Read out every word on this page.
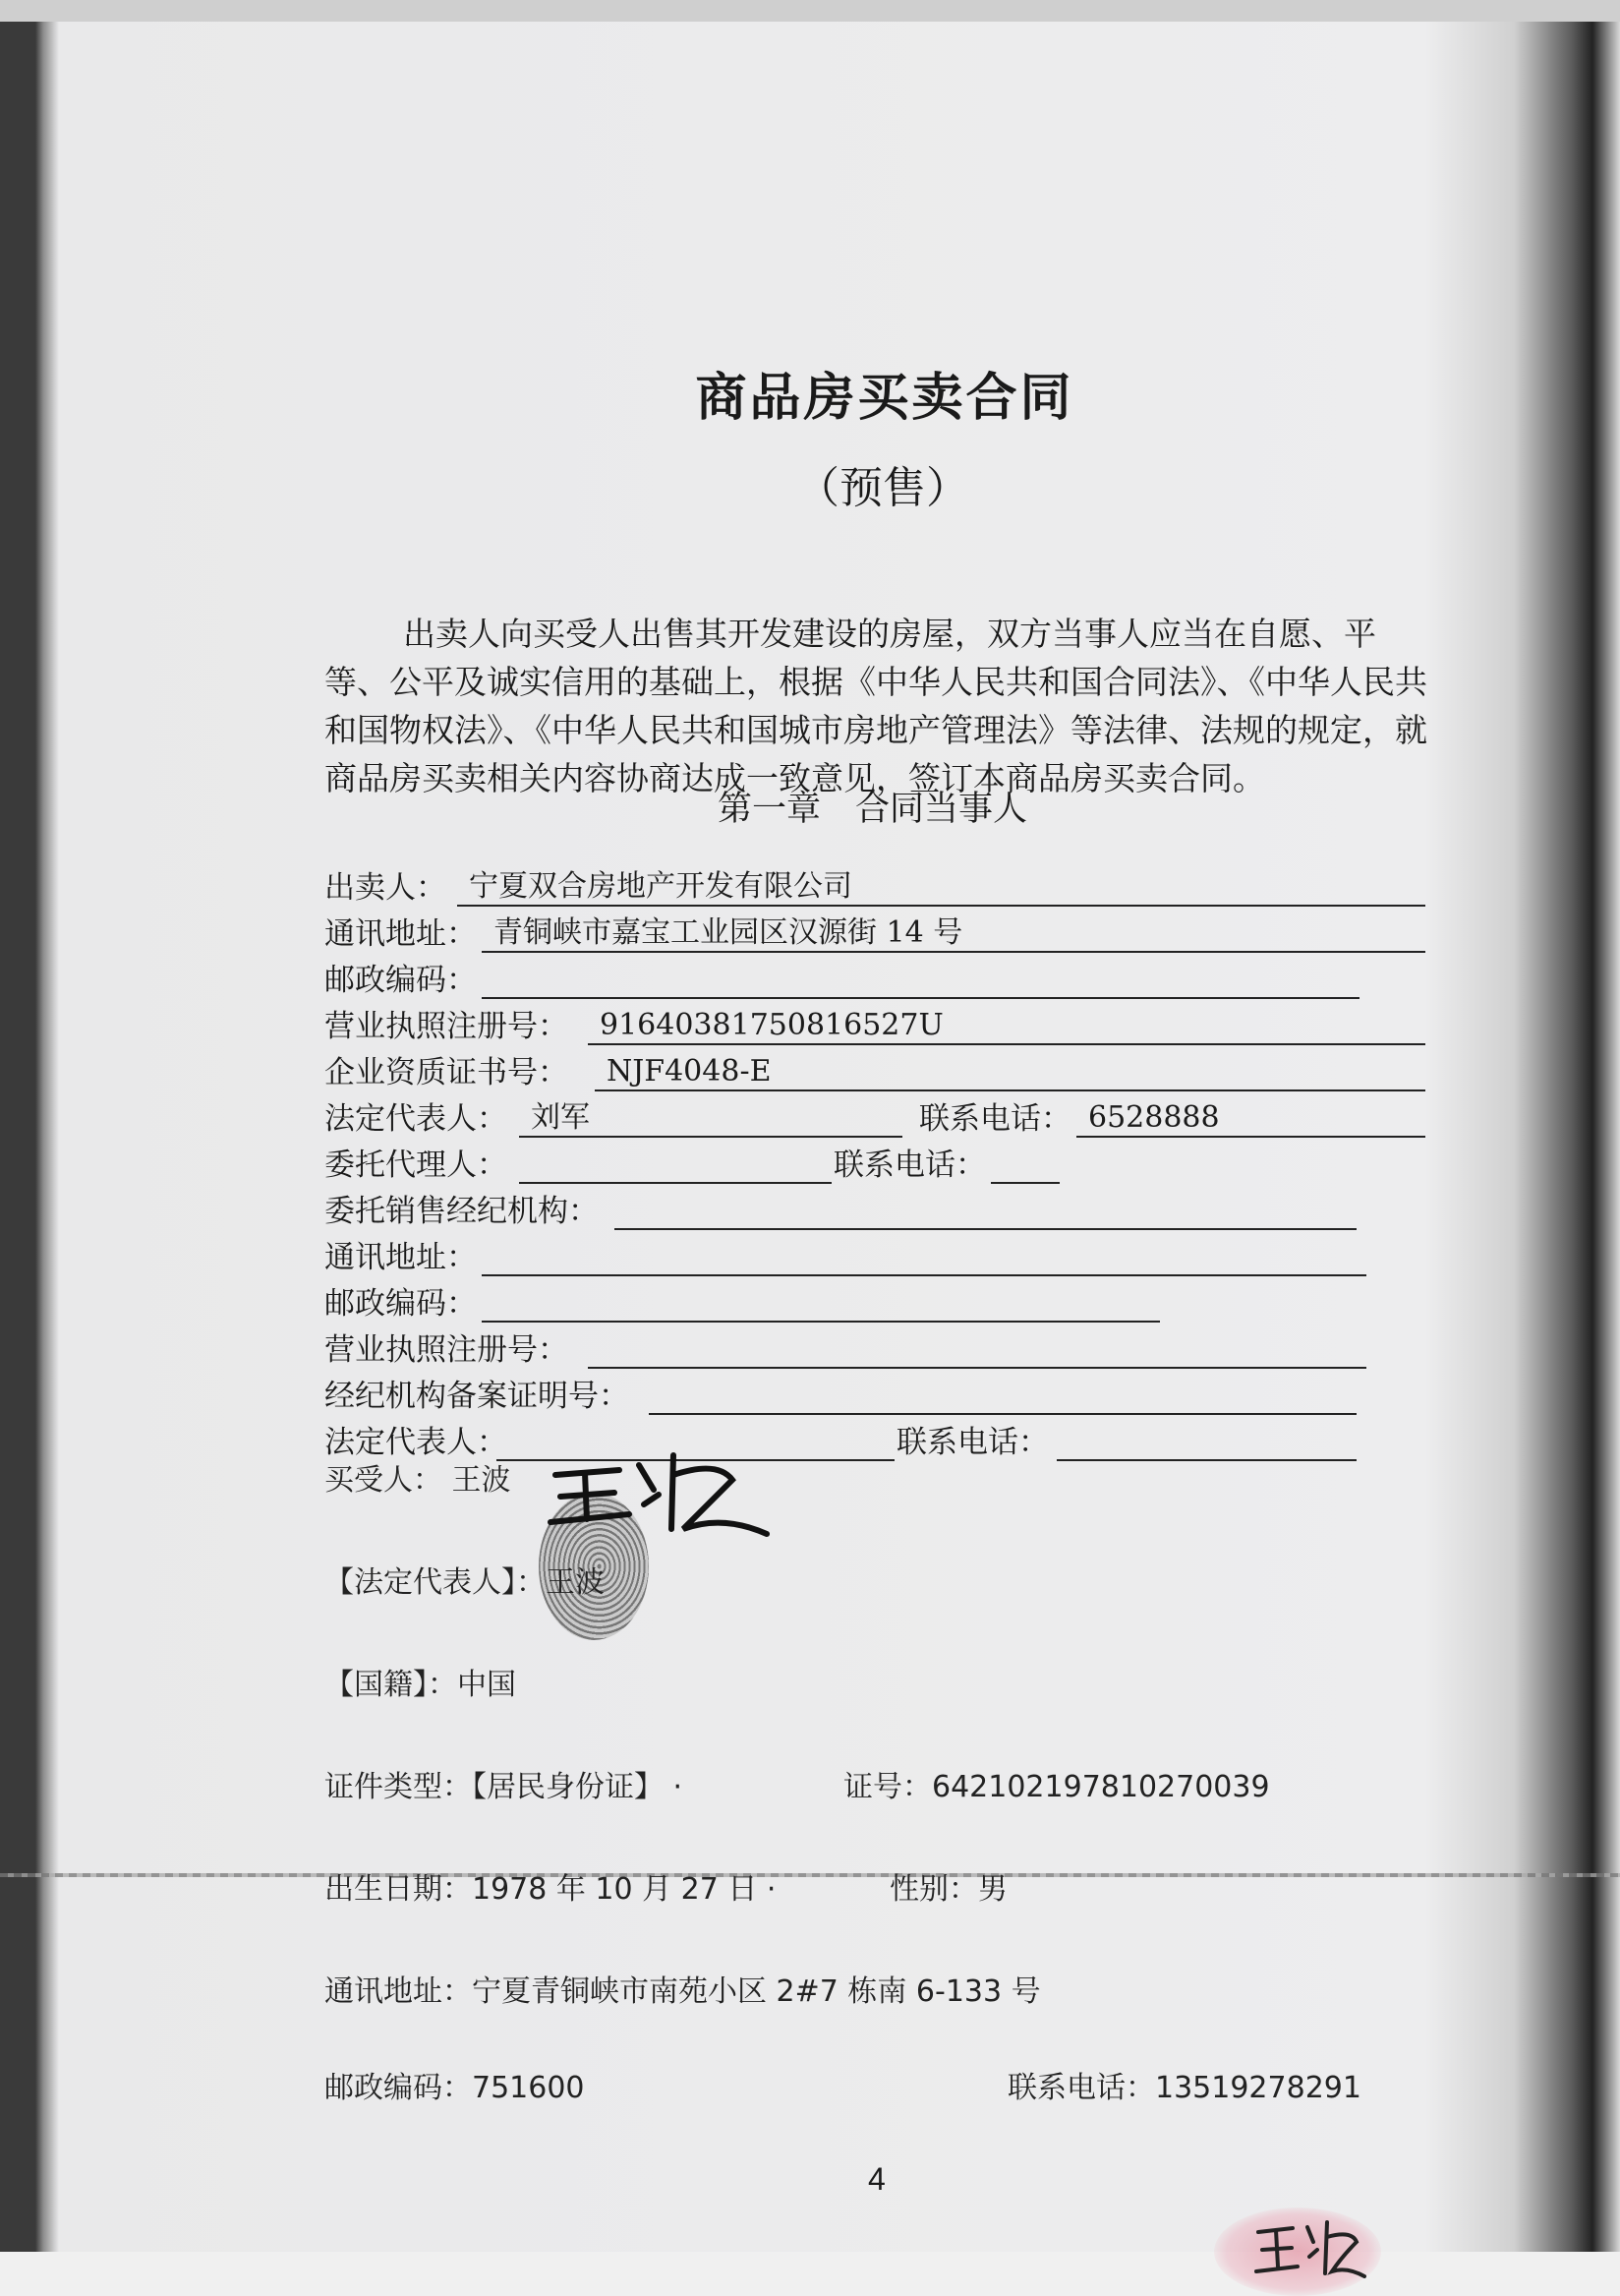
商品房买卖合同
（预售）
出卖人向买受人出售其开发建设的房屋，双方当事人应当在自愿、平等、公平及诚实信用的基础上，根据《中华人民共和国合同法》、《中华人民共和国物权法》、《中华人民共和国城市房地产管理法》等法律、法规的规定，就商品房买卖相关内容协商达成一致意见，签订本商品房买卖合同。
第一章　合同当事人
出卖人： 宁夏双合房地产开发有限公司
通讯地址： 青铜峡市嘉宝工业园区汉源街 14 号
邮政编码：
营业执照注册号：	91640381750816527U
企业资质证书号：	NJF4048-E
法定代表人： 刘军	联系电话： 6528888
委托代理人：	联系电话：
委托销售经纪机构：
通讯地址：
邮政编码：
营业执照注册号：
经纪机构备案证明号：
法定代表人：	联系电话：
买受人： 王波
【法定代表人】：王波
【国籍】：中国
证件类型：【居民身份证】 ·	证号：642102197810270039
出生日期：1978 年 10 月 27 日 ·	性别：男
通讯地址：宁夏青铜峡市南苑小区 2#7 栋南 6-133 号
邮政编码：751600	联系电话：13519278291
4
